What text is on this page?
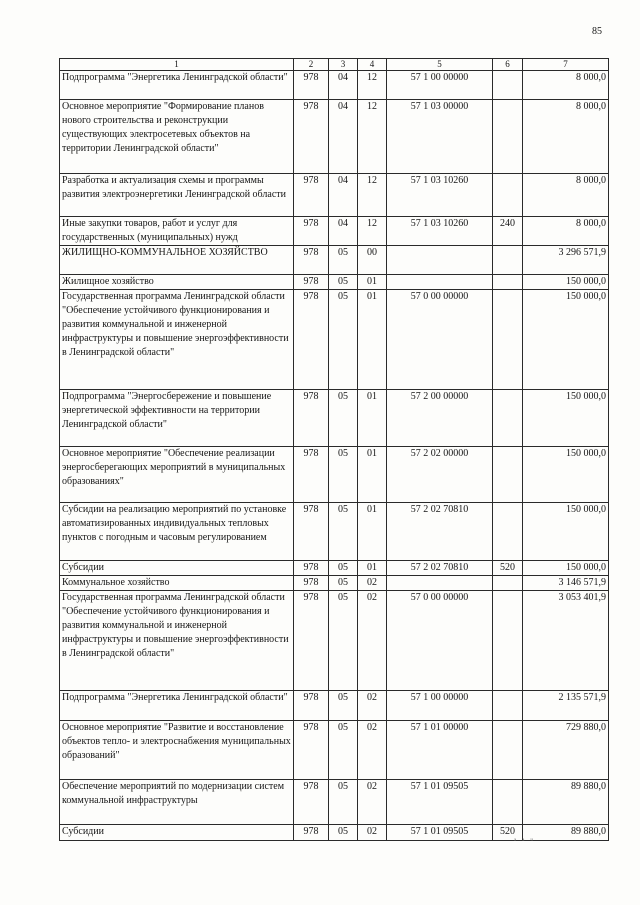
85
1	2	3	4	5	6	7
Подпрограмма "Энергетика Ленинградской области"	978	04	12	57 1 00 00000		8 000,0
Основное мероприятие "Формирование планов нового строительства и реконструкции существующих электросетевых объектов на территории Ленинградской области"	978	04	12	57 1 03 00000		8 000,0
Разработка и актуализация схемы и программы развития электроэнергетики Ленинградской области	978	04	12	57 1 03 10260		8 000,0
Иные закупки товаров, работ и услуг для государственных (муниципальных) нужд	978	04	12	57 1 03 10260	240	8 000,0
ЖИЛИЩНО-КОММУНАЛЬНОЕ ХОЗЯЙСТВО	978	05	00			3 296 571,9
Жилищное хозяйство	978	05	01			150 000,0
Государственная программа Ленинградской области "Обеспечение устойчивого функционирования и развития коммунальной и инженерной инфраструктуры и повышение энергоэффективности в Ленинградской области"	978	05	01	57 0 00 00000		150 000,0
Подпрограмма "Энергосбережение и повышение энергетической эффективности на территории Ленинградской области"	978	05	01	57 2 00 00000		150 000,0
Основное мероприятие "Обеспечение реализации энергосберегающих мероприятий в муниципальных образованиях"	978	05	01	57 2 02 00000		150 000,0
Субсидии на реализацию мероприятий по установке автоматизированных индивидуальных тепловых пунктов с погодным и часовым регулированием	978	05	01	57 2 02 70810		150 000,0
Субсидии	978	05	01	57 2 02 70810	520	150 000,0
Коммунальное хозяйство	978	05	02			3 146 571,9
Государственная программа Ленинградской области "Обеспечение устойчивого функционирования и развития коммунальной и инженерной инфраструктуры и повышение энергоэффективности в Ленинградской области"	978	05	02	57 0 00 00000		3 053 401,9
Подпрограмма "Энергетика Ленинградской области"	978	05	02	57 1 00 00000		2 135 571,9
Основное мероприятие "Развитие и восстановление объектов тепло- и электроснабжения муниципальных образований"	978	05	02	57 1 01 00000		729 880,0
Обеспечение мероприятий по модернизации систем коммунальной инфраструктуры	978	05	02	57 1 01 09505		89 880,0
Субсидии	978	05	02	57 1 01 09505	520	89 880,0
ᵃ ᵃ ᵘ
